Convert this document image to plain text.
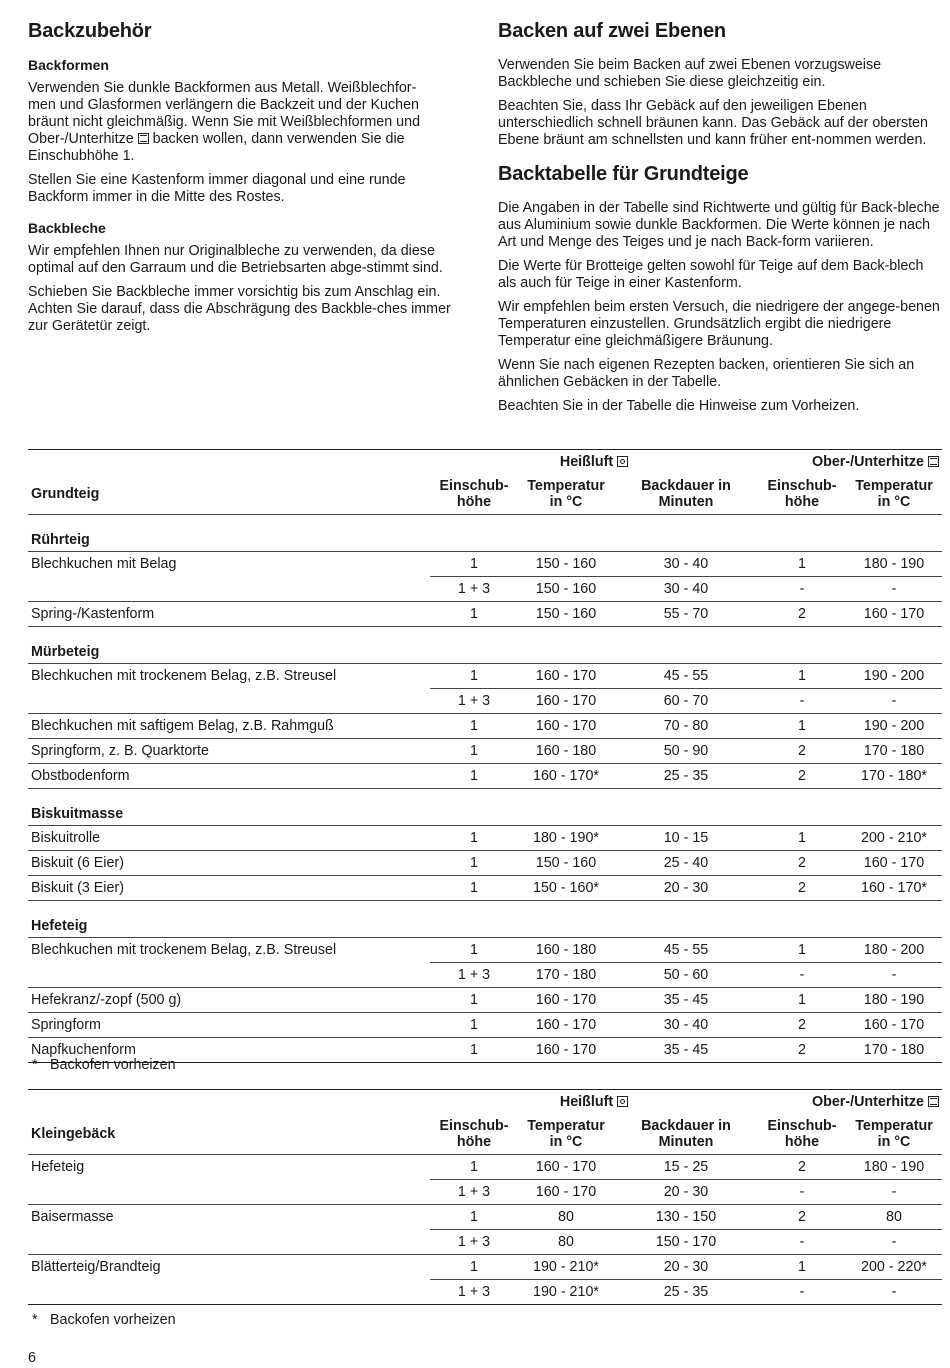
Backzubehör
Backformen

Verwenden Sie dunkle Backformen aus Metall. Weißblechfor-
men und Glasformen verlängern die Backzeit und der Kuchen
bräunt nicht gleichmäßig. Wenn Sie mit Weißblechformen und
Ober-/Unterhitze backen wollen, dann verwenden Sie die
Einschubhöhe 1.

Stellen Sie eine Kastenform immer diagonal und eine runde Backform immer in die Mitte des Rostes.

Backbleche

Wir empfehlen Ihnen nur Originalbleche zu verwenden, da diese optimal auf den Garraum und die Betriebsarten abge-stimmt sind.

Schieben Sie Backbleche immer vorsichtig bis zum Anschlag ein. Achten Sie darauf, dass die Abschrägung des Backble-ches immer zur Gerätetür zeigt.

Backen auf zwei Ebenen

Verwenden Sie beim Backen auf zwei Ebenen vorzugsweise Backbleche und schieben Sie diese gleichzeitig ein.

Beachten Sie, dass Ihr Gebäck auf den jeweiligen Ebenen unterschiedlich schnell bräunen kann. Das Gebäck auf der obersten Ebene bräunt am schnellsten und kann früher ent-nommen werden.

Backtabelle für Grundteige

Die Angaben in der Tabelle sind Richtwerte und gültig für Back-bleche aus Aluminium sowie dunkle Backformen. Die Werte können je nach Art und Menge des Teiges und je nach Back-form variieren.

Die Werte für Brotteige gelten sowohl für Teige auf dem Back-blech als auch für Teige in einer Kastenform.

Wir empfehlen beim ersten Versuch, die niedrigere der angege-benen Temperaturen einzustellen. Grundsätzlich ergibt die niedrigere Temperatur eine gleichmäßigere Bräunung.

Wenn Sie nach eigenen Rezepten backen, orientieren Sie sich an ähnlichen Gebäcken in der Tabelle.

Beachten Sie in der Tabelle die Hinweise zum Vorheizen.

	Heißluft			Ober-/Unterhitze	
Grundteig	Einschub-
höhe	Temperatur
in °C	Backdauer in
Minuten	Einschub-
höhe	Temperatur
in °C
Rührteig					
Blechkuchen mit Belag	1	150 - 160	30 - 40	1	180 - 190
	1 + 3	150 - 160	30 - 40	-	-
Spring-/Kastenform	1	150 - 160	55 - 70	2	160 - 170
Mürbeteig					
Blechkuchen mit trockenem Belag, z.B. Streusel	1	160 - 170	45 - 55	1	190 - 200
	1 + 3	160 - 170	60 - 70	-	-
Blechkuchen mit saftigem Belag, z.B. Rahmguß	1	160 - 170	70 - 80	1	190 - 200
Springform, z. B. Quarktorte	1	160 - 180	50 - 90	2	170 - 180
Obstbodenform	1	160 - 170*	25 - 35	2	170 - 180*
Biskuitmasse					
Biskuitrolle	1	180 - 190*	10 - 15	1	200 - 210*
Biskuit (6 Eier)	1	150 - 160	25 - 40	2	160 - 170
Biskuit (3 Eier)	1	150 - 160*	20 - 30	2	160 - 170*
Hefeteig					
Blechkuchen mit trockenem Belag, z.B. Streusel	1	160 - 180	45 - 55	1	180 - 200
	1 + 3	170 - 180	50 - 60	-	-
Hefekranz/-zopf (500 g)	1	160 - 170	35 - 45	1	180 - 190
Springform	1	160 - 170	30 - 40	2	160 - 170
Napfkuchenform	1	160 - 170	35 - 45	2	170 - 180
* Backofen vorheizen
	Heißluft			Ober-/Unterhitze	
Kleingebäck	Einschub-
höhe	Temperatur
in °C	Backdauer in
Minuten	Einschub-
höhe	Temperatur
in °C
Hefeteig	1	160 - 170	15 - 25	2	180 - 190
	1 + 3	160 - 170	20 - 30	-	-
Baisermasse	1	80	130 - 150	2	80
	1 + 3	80	150 - 170	-	-
Blätterteig/Brandteig	1	190 - 210*	20 - 30	1	200 - 220*
	1 + 3	190 - 210*	25 - 35	-	-
* Backofen vorheizen
6
